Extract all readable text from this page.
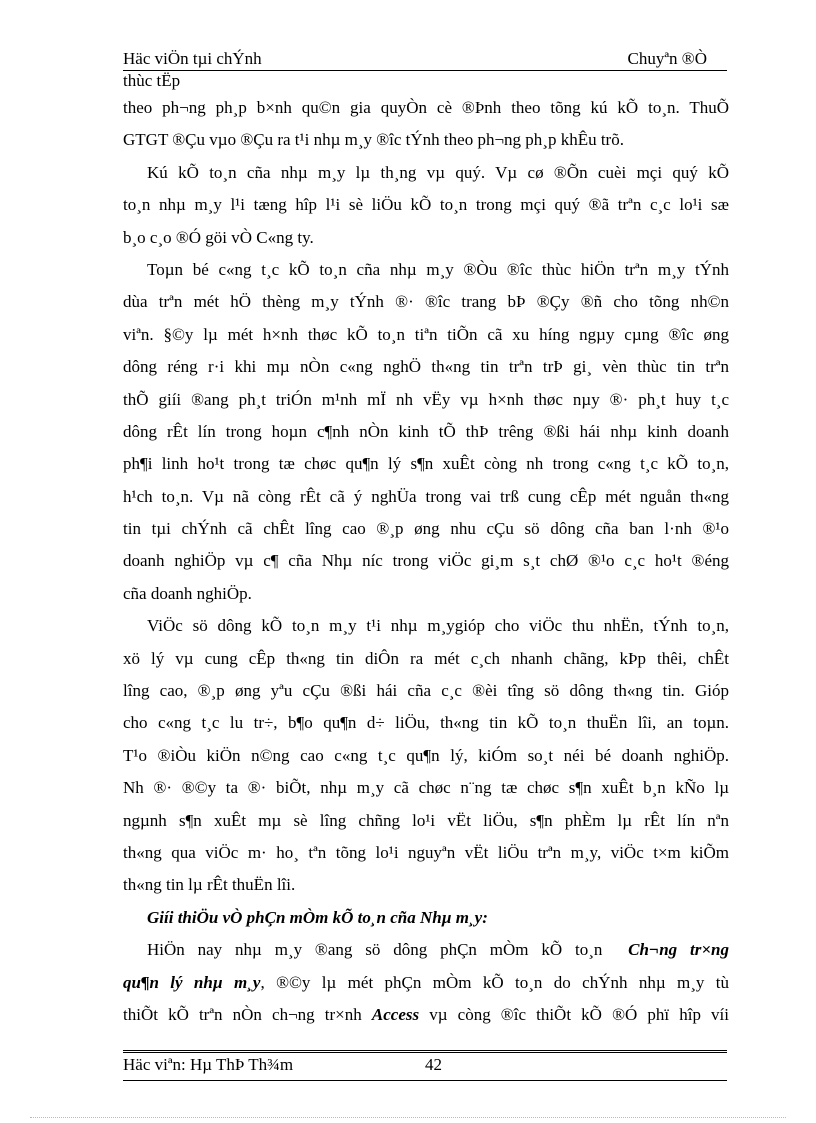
Häc viÖn tµi chÝnh	Chuyªn ®Ò
thùc tËp
theo ph¬ng ph¸p b×nh qu©n gia quyÒn cè ®Þnh theo tõng kú kÕ to¸n. ThuÕ
GTGT ®Çu vµo ®Çu ra t¹i nhµ m¸y ®îc tÝnh theo ph¬ng ph¸p khÊu trõ.
Kú kÕ to¸n cña nhµ m¸y lµ th¸ng vµ quý. Vµ cø ®Õn cuèi mçi quý kÕ
to¸n nhµ m¸y l¹i tæng hîp l¹i sè liÖu kÕ to¸n trong mçi quý ®ã trªn c¸c lo¹i sæ
b¸o c¸o ®Ó göi vÒ C«ng ty.
Toµn bé c«ng t¸c kÕ to¸n cña nhµ m¸y ®Òu ®îc thùc hiÖn trªn m¸y tÝnh
dùa trªn mét hÖ thèng m¸y tÝnh ®· ®îc trang bÞ ®Çy ®ñ cho tõng nh©n
viªn. §©y lµ mét h×nh thøc kÕ to¸n tiªn tiÕn cã xu híng ngµy cµng ®îc øng
dông réng r·i khi mµ nÒn c«ng nghÖ th«ng tin trªn trÞ gi¸ vèn thùc tin trªn
thÕ giíi ®ang ph¸t triÓn m¹nh mÏ nh vËy vµ h×nh thøc nµy ®· ph¸t huy t¸c
dông rÊt lín trong hoµn c¶nh nÒn kinh tÕ thÞ trêng ®ßi hái nhµ kinh doanh
ph¶i linh ho¹t trong tæ chøc qu¶n lý s¶n xuÊt còng nh trong c«ng t¸c kÕ to¸n,
h¹ch to¸n. Vµ nã còng rÊt cã ý nghÜa trong vai trß cung cÊp mét nguån th«ng
tin tµi chÝnh cã chÊt lîng cao ®¸p øng nhu cÇu sö dông cña ban l·nh ®¹o
doanh nghiÖp vµ c¶ cña Nhµ níc trong viÖc gi¸m s¸t chØ ®¹o c¸c ho¹t ®éng
cña doanh nghiÖp.
ViÖc sö dông kÕ to¸n m¸y t¹i nhµ m¸ygióp cho viÖc thu nhËn, tÝnh to¸n,
xö lý vµ cung cÊp th«ng tin diÔn ra mét c¸ch nhanh chãng, kÞp thêi, chÊt
lîng cao, ®¸p øng yªu cÇu ®ßi hái cña c¸c ®èi tîng sö dông th«ng tin. Gióp
cho c«ng t¸c lu tr÷, b¶o qu¶n d÷ liÖu, th«ng tin kÕ to¸n thuËn lîi, an toµn.
T¹o ®iÒu kiÖn n©ng cao c«ng t¸c qu¶n lý, kiÓm so¸t néi bé doanh nghiÖp.
Nh ®· ®©y ta ®· biÕt, nhµ m¸y cã chøc n¨ng tæ chøc s¶n xuÊt b¸n kÑo lµ
ngµnh s¶n xuÊt mµ sè lîng chñng lo¹i vËt liÖu, s¶n phÈm lµ rÊt lín nªn
th«ng qua viÖc m· ho¸ tªn tõng lo¹i nguyªn vËt liÖu trªn m¸y, viÖc t×m kiÕm
th«ng tin lµ rÊt thuËn lîi.
Giíi thiÖu vÒ phÇn mÒm kÕ to¸n cña Nhµ m¸y:
HiÖn nay nhµ m¸y ®ang sö dông phÇn mÒm kÕ to¸n Ch¬ng tr×ng
qu¶n lý nhµ m¸y, ®©y lµ mét phÇn mÒm kÕ to¸n do chÝnh nhµ m¸y tù
thiÕt kÕ trªn nÒn ch¬ng tr×nh Access vµ còng ®îc thiÕt kÕ ®Ó phï hîp víi
Häc viªn: Hµ ThÞ Th¾m	42
